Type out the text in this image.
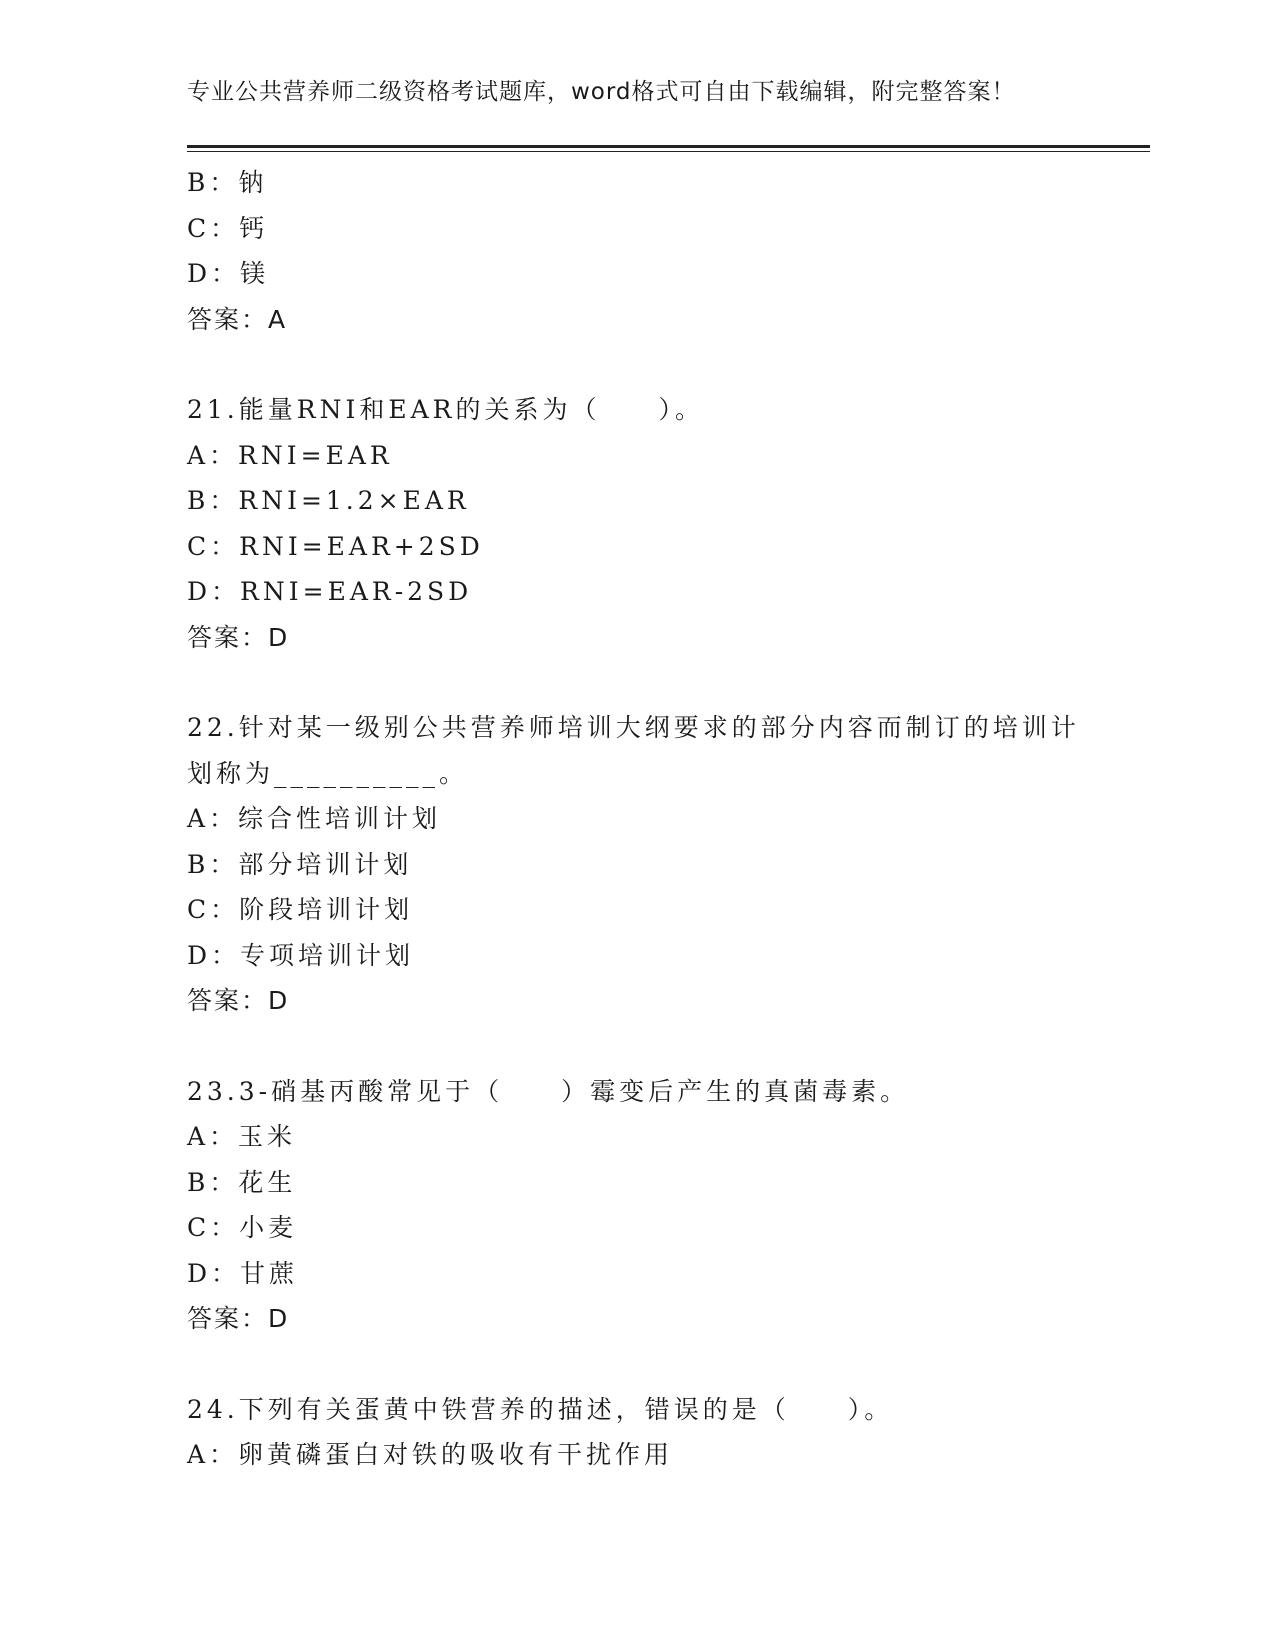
专业公共营养师二级资格考试题库，word格式可自由下载编辑，附完整答案！
B：钠
C：钙
D：镁
答案：A
21.能量RNI和EAR的关系为（　　）。
A：RNI=EAR
B：RNI=1.2×EAR
C：RNI=EAR+2SD
D：RNI=EAR-2SD
答案：D
22.针对某一级别公共营养师培训大纲要求的部分内容而制订的培训计
划称为__________。
A：综合性培训计划
B：部分培训计划
C：阶段培训计划
D：专项培训计划
答案：D
23.3-硝基丙酸常见于（　　）霉变后产生的真菌毒素。
A：玉米
B：花生
C：小麦
D：甘蔗
答案：D
24.下列有关蛋黄中铁营养的描述，错误的是（　　）。
A：卵黄磷蛋白对铁的吸收有干扰作用
